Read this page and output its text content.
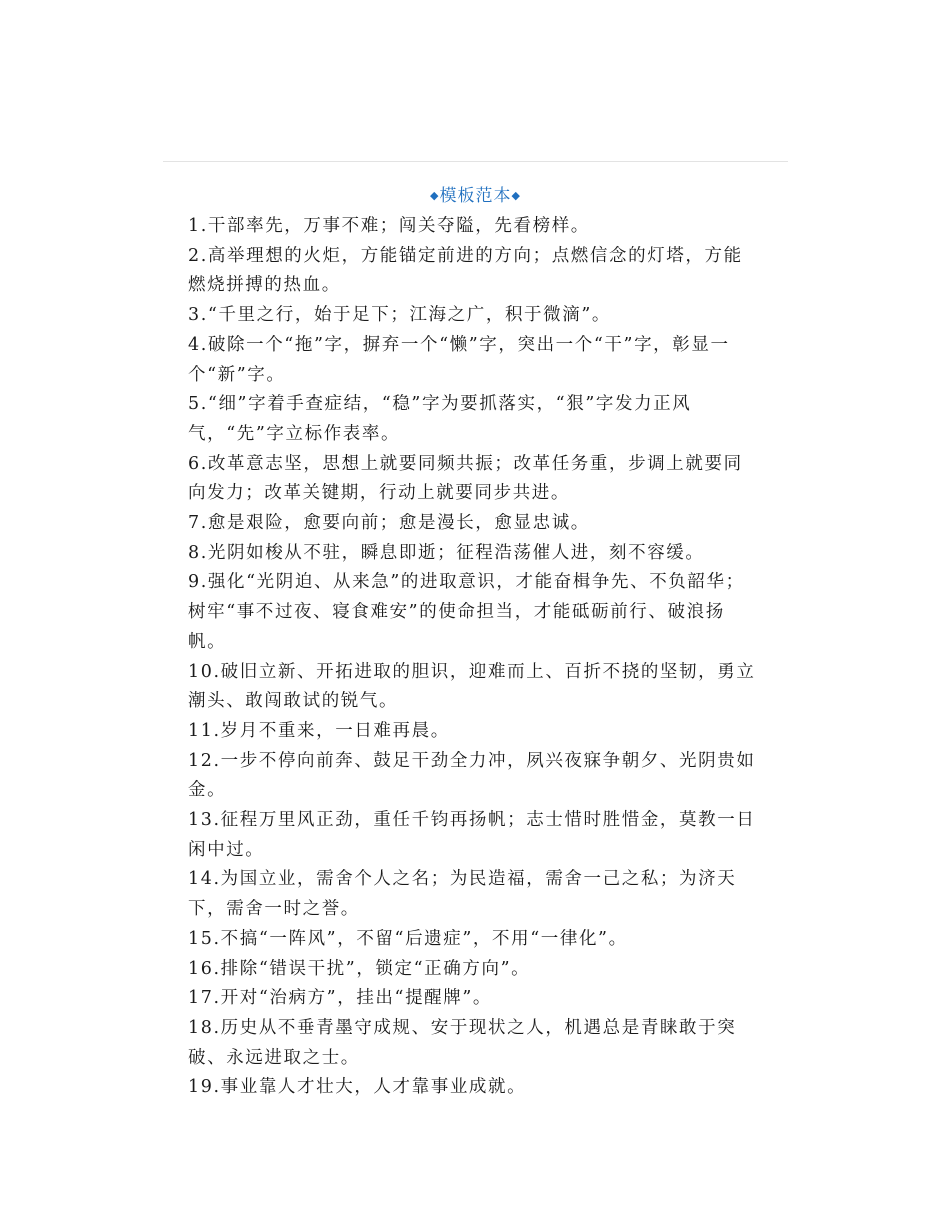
◆模板范本◆

1.干部率先，万事不难；闯关夺隘，先看榜样。

2.高举理想的火炬，方能锚定前进的方向；点燃信念的灯塔，方能燃烧拼搏的热血。

3.“千里之行，始于足下；江海之广，积于微滴”。

4.破除一个“拖”字，摒弃一个“懒”字，突出一个“干”字，彰显一个“新”字。

5.“细”字着手查症结，“稳”字为要抓落实，“狠”字发力正风气，“先”字立标作表率。

6.改革意志坚，思想上就要同频共振；改革任务重，步调上就要同向发力；改革关键期，行动上就要同步共进。

7.愈是艰险，愈要向前；愈是漫长，愈显忠诚。

8.光阴如梭从不驻，瞬息即逝；征程浩荡催人进，刻不容缓。

9.强化“光阴迫、从来急”的进取意识，才能奋楫争先、不负韶华；树牢“事不过夜、寝食难安”的使命担当，才能砥砺前行、破浪扬帆。

10.破旧立新、开拓进取的胆识，迎难而上、百折不挠的坚韧，勇立潮头、敢闯敢试的锐气。

11.岁月不重来，一日难再晨。

12.一步不停向前奔、鼓足干劲全力冲，夙兴夜寐争朝夕、光阴贵如金。

13.征程万里风正劲，重任千钧再扬帆；志士惜时胜惜金，莫教一日闲中过。

14.为国立业，需舍个人之名；为民造福，需舍一己之私；为济天下，需舍一时之誉。

15.不搞“一阵风”，不留“后遗症”，不用“一律化”。

16.排除“错误干扰”，锁定“正确方向”。

17.开对“治病方”，挂出“提醒牌”。

18.历史从不垂青墨守成规、安于现状之人，机遇总是青睐敢于突破、永远进取之士。

19.事业靠人才壮大，人才靠事业成就。
